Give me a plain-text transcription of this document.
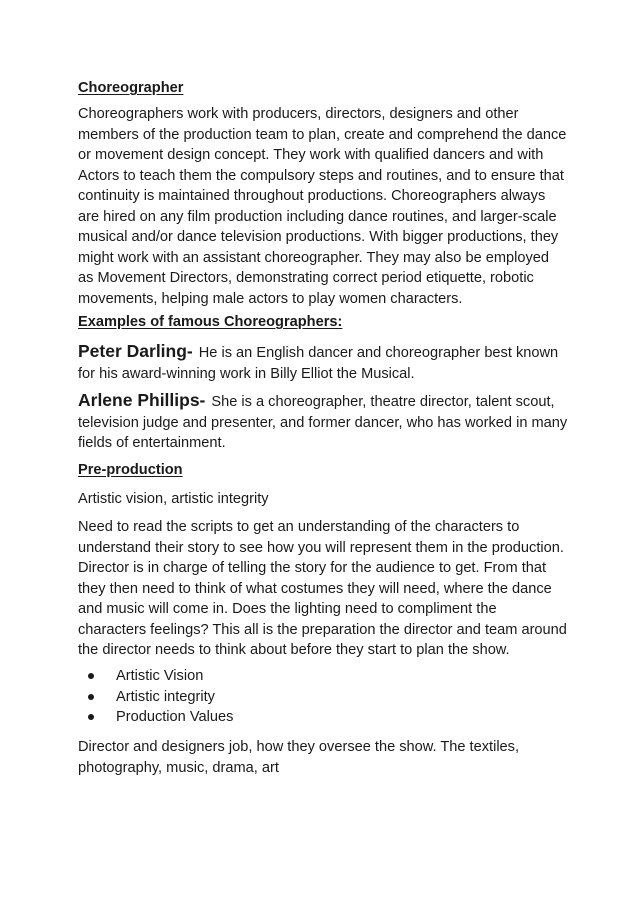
Choreographer

Choreographers work with producers, directors, designers and other members of the production team to plan, create and comprehend the dance or movement design concept. They work with qualified dancers and with Actors to teach them the compulsory steps and routines, and to ensure that continuity is maintained throughout productions. Choreographers always are hired on any film production including dance routines, and larger-scale musical and/or dance television productions. With bigger productions, they might work with an assistant choreographer. They may also be employed as Movement Directors, demonstrating correct period etiquette, robotic movements, helping male actors to play women characters.

Examples of famous Choreographers:

Peter Darling- He is an English dancer and choreographer best known for his award-winning work in Billy Elliot the Musical.

Arlene Phillips- She is a choreographer, theatre director, talent scout, television judge and presenter, and former dancer, who has worked in many fields of entertainment.

Pre-production

Artistic vision, artistic integrity

Need to read the scripts to get an understanding of the characters to understand their story to see how you will represent them in the production. Director is in charge of telling the story for the audience to get. From that they then need to think of what costumes they will need, where the dance and music will come in. Does the lighting need to compliment the characters feelings? This all is the preparation the director and team around the director needs to think about before they start to plan the show.

Artistic Vision
Artistic integrity
Production Values

Director and designers job, how they oversee the show. The textiles, photography, music, drama, art
